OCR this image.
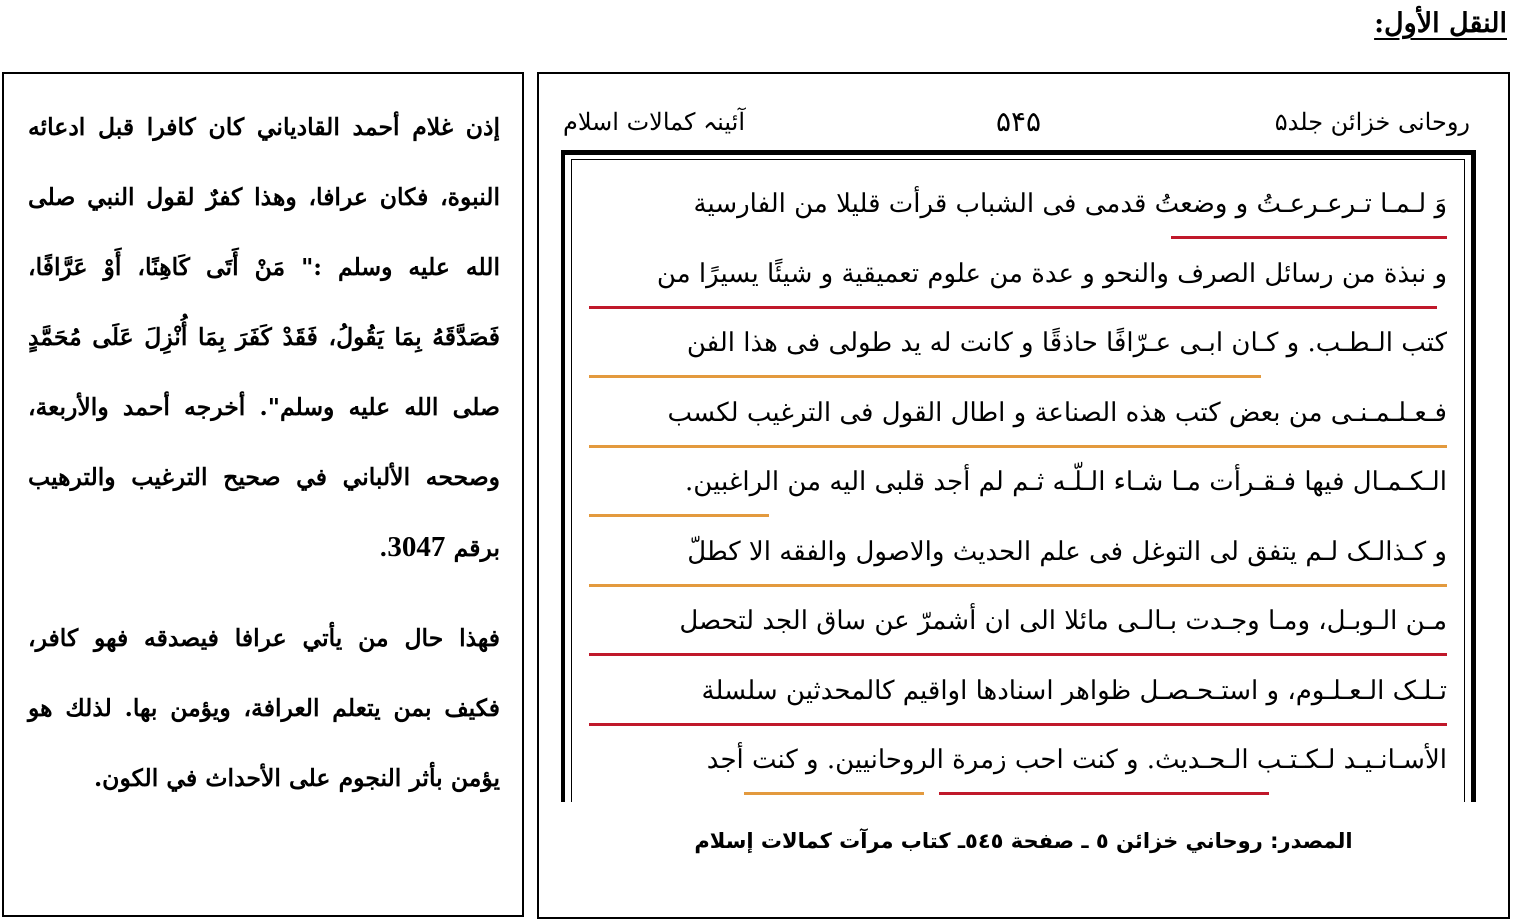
النقل الأول:

إذن غلام أحمد القادياني كان كافرا قبل ادعائه النبوة، فكان عرافا، وهذا كفرٌ لقول النبي صلى الله عليه وسلم :" مَنْ أَتَى كَاهِنًا، أَوْ عَرَّافًا، فَصَدَّقَهُ بِمَا يَقُولُ، فَقَدْ كَفَرَ بِمَا أُنْزِلَ عَلَى مُحَمَّدٍ صلى الله عليه وسلم". أخرجه أحمد والأربعة، وصححه الألباني في صحيح الترغيب والترهيب برقم 3047.

فهذا حال من يأتي عرافا فيصدقه فهو كافر، فكيف بمن يتعلم العرافة، ويؤمن بها. لذلك هو يؤمن بأثر النجوم على الأحداث في الكون.

روحانی خزائن جلد۵
۵۴۵
آئینہ کمالات اسلام
وَ لـمـا تـرعـرعـتُ و وضعتُ قدمى فى الشباب قرأت قليلا من الفارسية
و نبذة من رسائل الصرف والنحو و عدة من علوم تعميقية و شيئًا يسيرًا من
كتب الـطـب. و كـان ابـى عـرّافًا حاذقًا و كانت له يد طولى فى هذا الفن
فـعـلـمـنـى من بعض كتب هذه الصناعة و اطال القول فى الترغيب لكسب
الـكـمـال فيها فـقـرأت مـا شـاء الـلّـه ثـم لم أجد قلبى اليه من الراغبين.
و كـذالـک لـم يتفق لى التوغل فى علم الحديث والاصول والفقه الا كطلّ
مـن الـوبـل، ومـا وجـدت بـالـى مائلا الى ان أشمرّ عن ساق الجد لتحصل
تـلـک الـعـلـوم، و استـحـصـل ظواهر اسنادها اواقيم كالمحدثين سلسلة
الأسـانـيـد لـكـتـب الـحـديث. و كنت احب زمرة الروحانيين. و كنت أجد
المصدر: روحاني خزائن ٥ ـ صفحة ٥٤٥ـ كتاب مرآت كمالات إسلام
